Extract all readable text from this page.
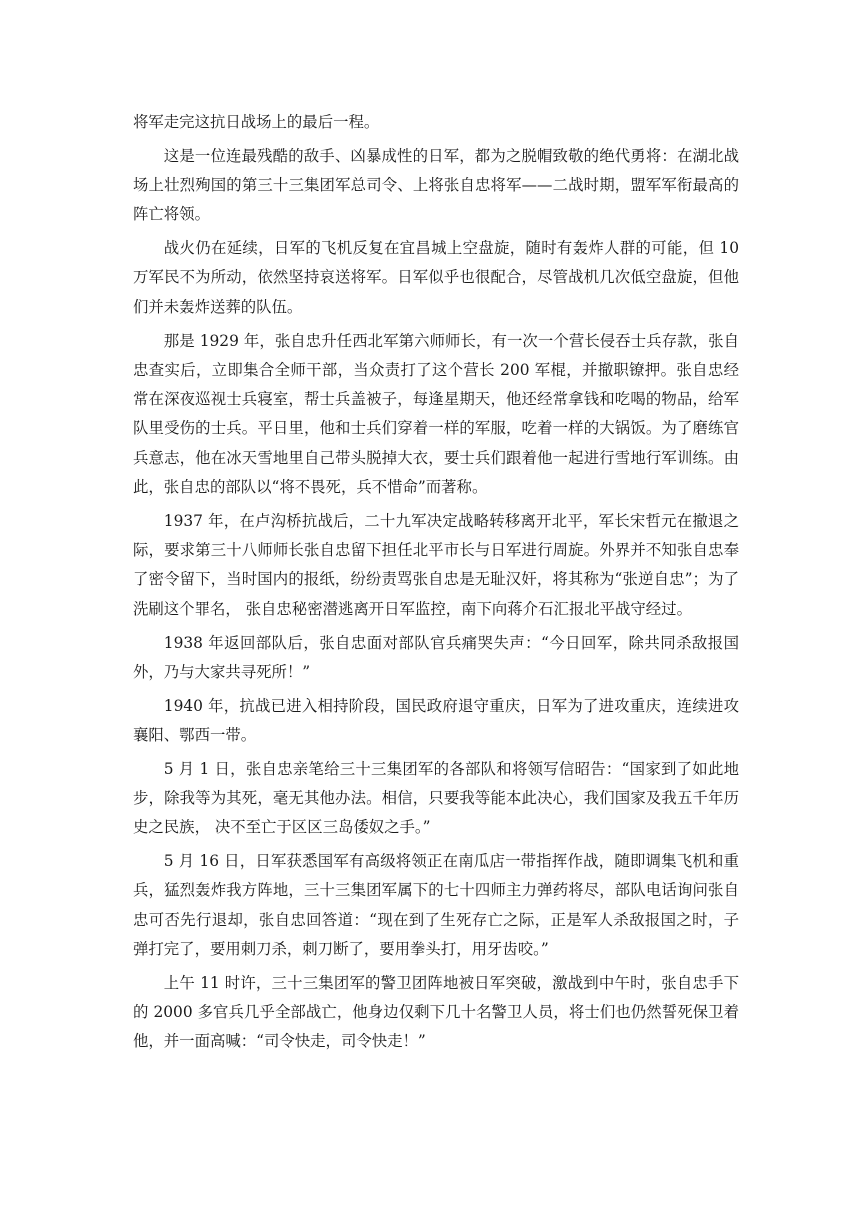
将军走完这抗日战场上的最后一程。

这是一位连最残酷的敌手、凶暴成性的日军，都为之脱帽致敬的绝代勇将：在湖北战场上壮烈殉国的第三十三集团军总司令、上将张自忠将军——二战时期，盟军军衔最高的阵亡将领。

战火仍在延续，日军的飞机反复在宜昌城上空盘旋，随时有轰炸人群的可能，但 10 万军民不为所动，依然坚持哀送将军。日军似乎也很配合，尽管战机几次低空盘旋，但他们并未轰炸送葬的队伍。

那是 1929 年，张自忠升任西北军第六师师长，有一次一个营长侵吞士兵存款，张自忠查实后，立即集合全师干部，当众责打了这个营长 200 军棍，并撤职镣押。张自忠经常在深夜巡视士兵寝室，帮士兵盖被子，每逢星期天，他还经常拿钱和吃喝的物品，给军队里受伤的士兵。平日里，他和士兵们穿着一样的军服，吃着一样的大锅饭。为了磨练官兵意志，他在冰天雪地里自己带头脱掉大衣，要士兵们跟着他一起进行雪地行军训练。由此，张自忠的部队以“将不畏死，兵不惜命”而著称。

1937 年，在卢沟桥抗战后，二十九军决定战略转移离开北平，军长宋哲元在撤退之际，要求第三十八师师长张自忠留下担任北平市长与日军进行周旋。外界并不知张自忠奉了密令留下，当时国内的报纸，纷纷责骂张自忠是无耻汉奸，将其称为“张逆自忠”；为了洗刷这个罪名， 张自忠秘密潜逃离开日军监控，南下向蒋介石汇报北平战守经过。

1938 年返回部队后，张自忠面对部队官兵痛哭失声：“今日回军，除共同杀敌报国外，乃与大家共寻死所！”

1940 年，抗战已进入相持阶段，国民政府退守重庆，日军为了进攻重庆，连续进攻襄阳、鄂西一带。

5 月 1 日，张自忠亲笔给三十三集团军的各部队和将领写信昭告：“国家到了如此地步，除我等为其死，毫无其他办法。相信，只要我等能本此决心，我们国家及我五千年历史之民族， 决不至亡于区区三岛倭奴之手。”

5 月 16 日，日军获悉国军有高级将领正在南瓜店一带指挥作战，随即调集飞机和重兵，猛烈轰炸我方阵地，三十三集团军属下的七十四师主力弹药将尽，部队电话询问张自忠可否先行退却，张自忠回答道：“现在到了生死存亡之际，正是军人杀敌报国之时，子弹打完了，要用刺刀杀，刺刀断了，要用拳头打，用牙齿咬。”

上午 11 时许，三十三集团军的警卫团阵地被日军突破，激战到中午时，张自忠手下的 2000 多官兵几乎全部战亡，他身边仅剩下几十名警卫人员，将士们也仍然誓死保卫着他，并一面高喊：“司令快走，司令快走！”
